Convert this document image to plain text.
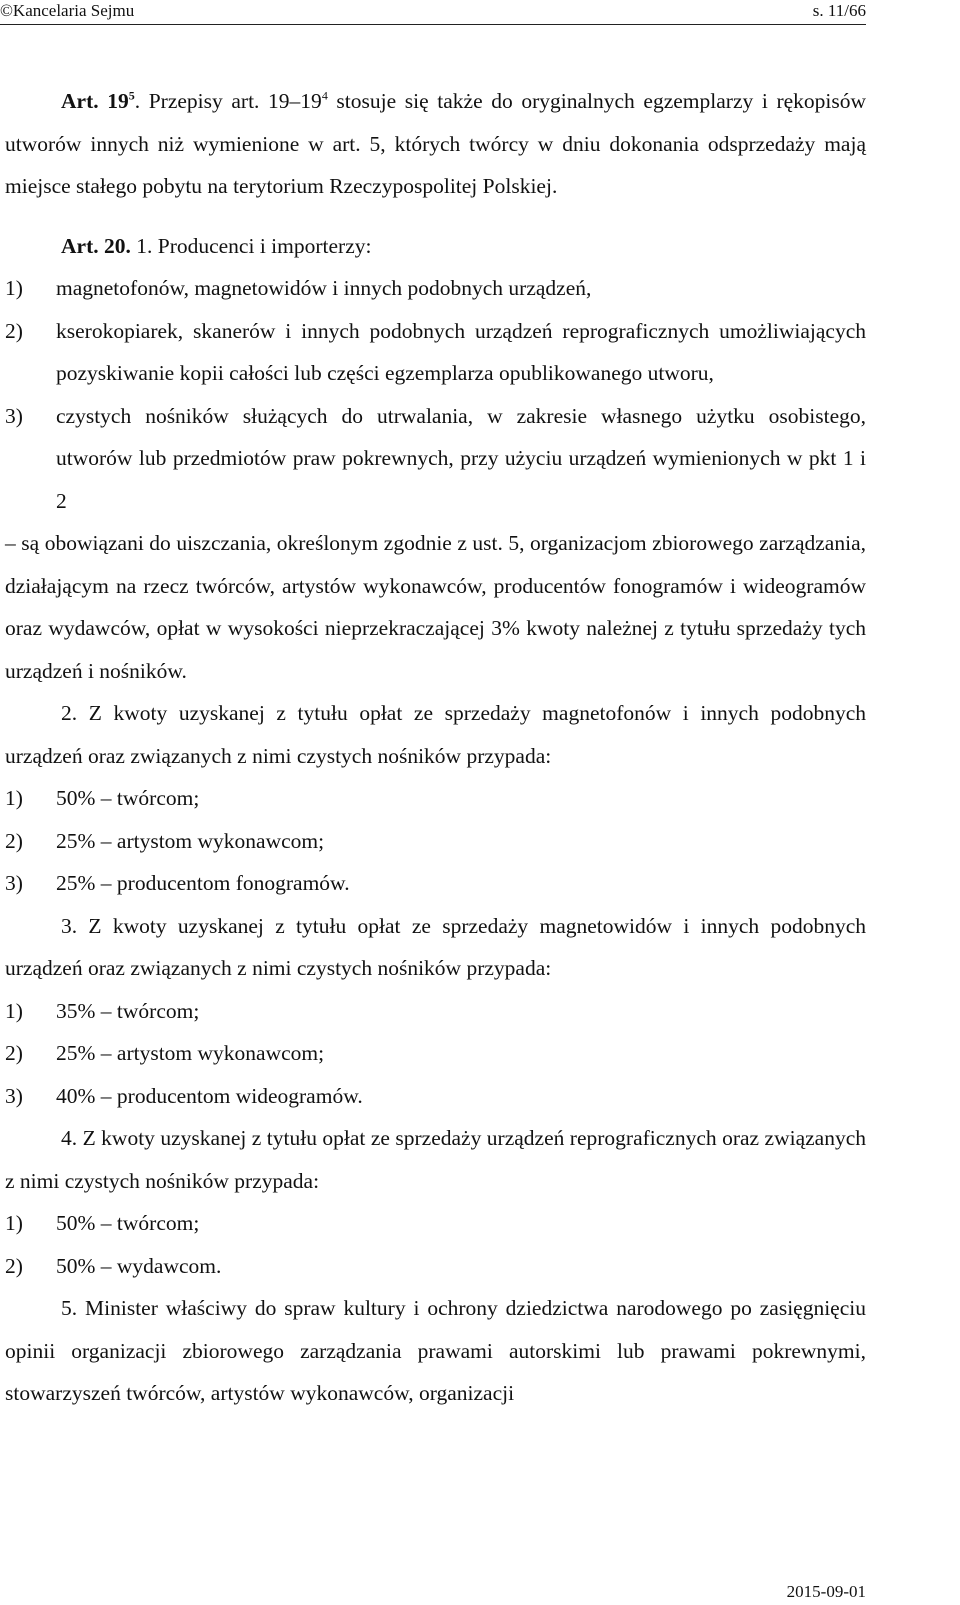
©Kancelaria Sejmu	s. 11/66

Art. $19^5$. Przepisy art. $19-19^4$ stosuje się także do oryginalnych egzemplarzy i rękopisów utworów innych niż wymienione w art. 5, których twórcy w dniu dokonania odsprzedaży mają miejsce stałego pobytu na terytorium Rzeczypospolitej Polskiej.

Art. 20. 1. Producenci i importerzy:

1) magnetofonów, magnetowidów i innych podobnych urządzeń,

2) kserokopiarek, skanerów i innych podobnych urządzeń reprograficznych umożliwiających pozyskiwanie kopii całości lub części egzemplarza opublikowanego utworu,

3) czystych nośników służących do utrwalania, w zakresie własnego użytku osobistego, utworów lub przedmiotów praw pokrewnych, przy użyciu urządzeń wymienionych w pkt 1 i 2

– są obowiązani do uiszczania, określonym zgodnie z ust. 5, organizacjom zbiorowego zarządzania, działającym na rzecz twórców, artystów wykonawców, producentów fonogramów i wideogramów oraz wydawców, opłat w wysokości nieprzekraczającej 3% kwoty należnej z tytułu sprzedaży tych urządzeń i nośników.

2. Z kwoty uzyskanej z tytułu opłat ze sprzedaży magnetofonów i innych podobnych urządzeń oraz związanych z nimi czystych nośników przypada:

1) 50% – twórcom;

2) 25% – artystom wykonawcom;

3) 25% – producentom fonogramów.

3. Z kwoty uzyskanej z tytułu opłat ze sprzedaży magnetowidów i innych podobnych urządzeń oraz związanych z nimi czystych nośników przypada:

1) 35% – twórcom;

2) 25% – artystom wykonawcom;

3) 40% – producentom wideogramów.

4. Z kwoty uzyskanej z tytułu opłat ze sprzedaży urządzeń reprograficznych oraz związanych z nimi czystych nośników przypada:

1) 50% – twórcom;

2) 50% – wydawcom.

5. Minister właściwy do spraw kultury i ochrony dziedzictwa narodowego po zasięgnięciu opinii organizacji zbiorowego zarządzania prawami autorskimi lub prawami pokrewnymi, stowarzyszeń twórców, artystów wykonawców, organizacji

2015-09-01
